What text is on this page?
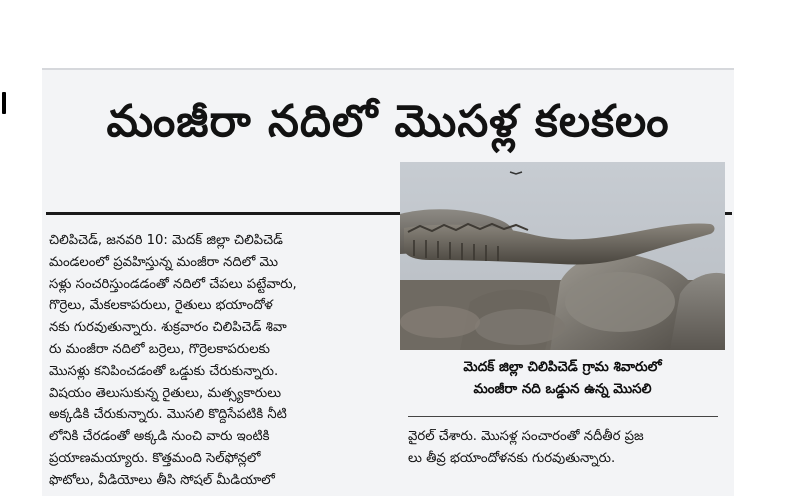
మంజీరా నదిలో మొసళ్ల కలకలం
చిలిపిచెడ్, జనవరి 10: మెదక్ జిల్లా చిలిపిచెడ్
మండలంలో ప్రవహిస్తున్న మంజీరా నదిలో మొ
సళ్లు సంచరిస్తుండడంతో నదిలో చేపలు పట్టేవారు,
గొర్రెలు, మేకలకాపరులు, రైతులు భయాందోళ
నకు గురవుతున్నారు. శుక్రవారం చిలిపిచెడ్ శివా
రు మంజీరా నదిలో బర్రెలు, గొర్రెలకాపరులకు
మొసళ్లు కనిపించడంతో ఒడ్డుకు చేరుకున్నారు.
విషయం తెలుసుకున్న రైతులు, మత్స్యకారులు
అక్కడికి చేరుకున్నారు. మొసలి కొద్దిసేపటికి నీటి
లోనికి చేరడంతో అక్కడి నుంచి వారు ఇంటికి
ప్రయాణమయ్యారు. కొత్తమంది సెల్‌ఫోన్లలో
ఫొటోలు, వీడియోలు తీసి సోషల్ మీడియాలో
మెదక్ జిల్లా చిలిపిచెడ్ గ్రామ శివారులో
మంజీరా నది ఒడ్డున ఉన్న మొసలి
వైరల్ చేశారు. మొసళ్ల సంచారంతో నదీతీర ప్రజ
లు తీవ్ర భయాందోళనకు గురవుతున్నారు.
